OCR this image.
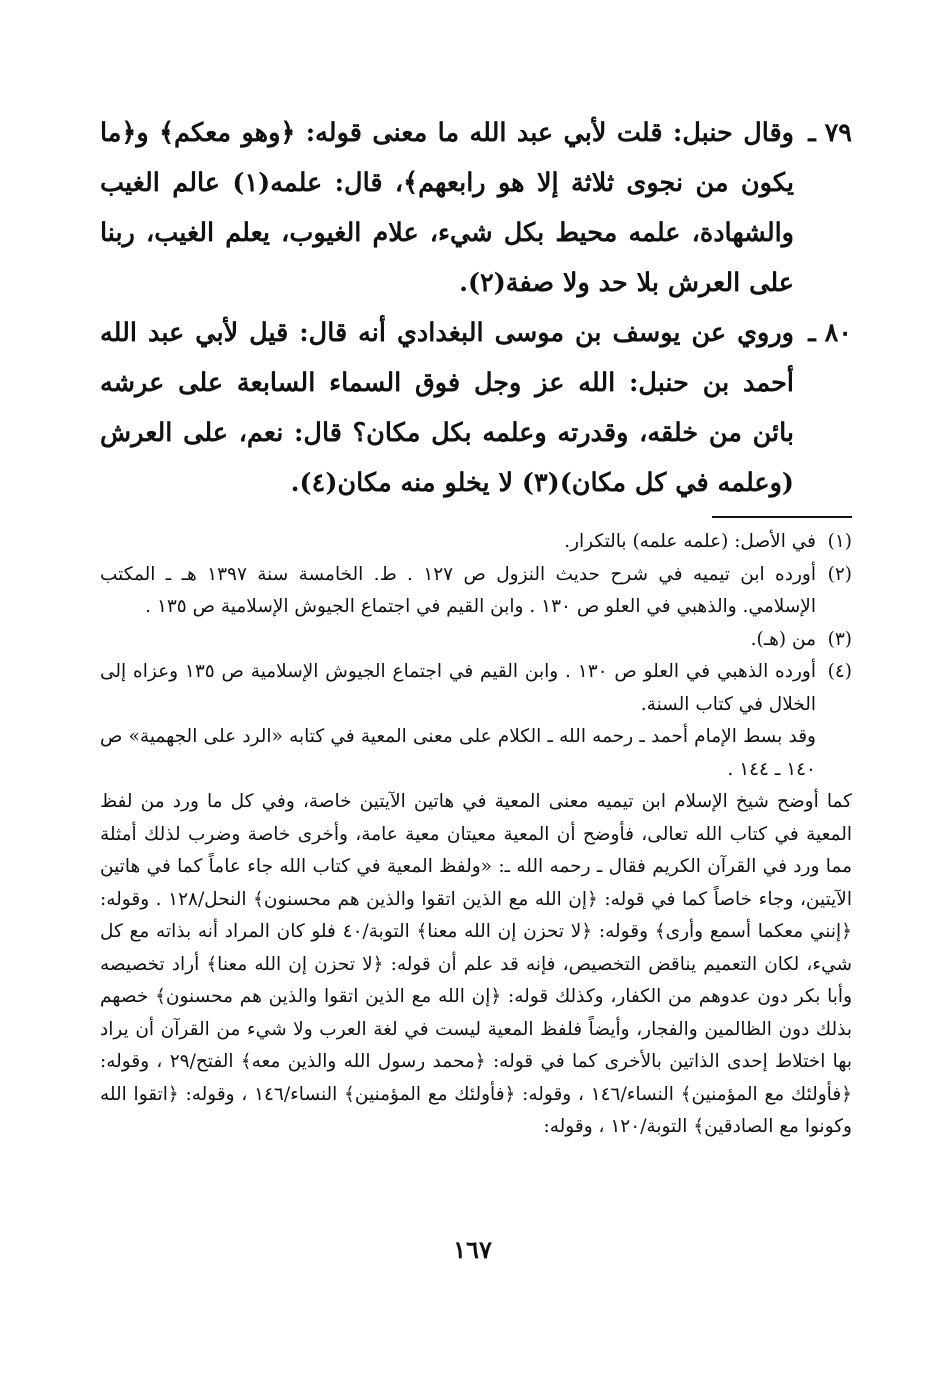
٧٩ ـ
وقال حنبل: قلت لأبي عبد الله ما معنى قوله: ﴿وهو معكم﴾ و﴿ما يكون من نجوى ثلاثة إلا هو رابعهم﴾، قال: علمه(١) عالم الغيب والشهادة، علمه محيط بكل شيء، علام الغيوب، يعلم الغيب، ربنا على العرش بلا حد ولا صفة(٢).

٨٠ ـ
وروي عن يوسف بن موسى البغدادي أنه قال: قيل لأبي عبد الله أحمد بن حنبل: الله عز وجل فوق السماء السابعة على عرشه بائن من خلقه، وقدرته وعلمه بكل مكان؟ قال: نعم، على العرش (وعلمه في كل مكان)(٣) لا يخلو منه مكان(٤).

(١)
في الأصل: (علمه علمه) بالتكرار.

(٢)
أورده ابن تيميه في شرح حديث النزول ص ١٢٧ . ط. الخامسة سنة ١٣٩٧ هـ ـ المكتب الإسلامي. والذهبي في العلو ص ١٣٠ . وابن القيم في اجتماع الجيوش الإسلامية ص ١٣٥ .

(٣)
من (هـ).

(٤)
أورده الذهبي في العلو ص ١٣٠ . وابن القيم في اجتماع الجيوش الإسلامية ص ١٣٥ وعزاه إلى الخلال في كتاب السنة.

وقد بسط الإمام أحمد ـ رحمه الله ـ الكلام على معنى المعية في كتابه «الرد على الجهمية» ص ١٤٠ ـ ١٤٤ .

كما أوضح شيخ الإسلام ابن تيميه معنى المعية في هاتين الآيتين خاصة، وفي كل ما ورد من لفظ المعية في كتاب الله تعالى، فأوضح أن المعية معيتان معية عامة، وأخرى خاصة وضرب لذلك أمثلة مما ورد في القرآن الكريم فقال ـ رحمه الله ـ: «ولفظ المعية في كتاب الله جاء عاماً كما في هاتين الآيتين، وجاء خاصاً كما في قوله: ﴿إن الله مع الذين اتقوا والذين هم محسنون﴾ النحل/١٢٨ . وقوله: ﴿إنني معكما أسمع وأرى﴾ وقوله: ﴿لا تحزن إن الله معنا﴾ التوبة/٤٠ فلو كان المراد أنه بذاته مع كل شيء، لكان التعميم يناقض التخصيص، فإنه قد علم أن قوله: ﴿لا تحزن إن الله معنا﴾ أراد تخصيصه وأبا بكر دون عدوهم من الكفار، وكذلك قوله: ﴿إن الله مع الذين اتقوا والذين هم محسنون﴾ خصهم بذلك دون الظالمين والفجار، وأيضاً فلفظ المعية ليست في لغة العرب ولا شيء من القرآن أن يراد بها اختلاط إحدى الذاتين بالأخرى كما في قوله: ﴿محمد رسول الله والذين معه﴾ الفتح/٢٩ ، وقوله: ﴿فأولئك مع المؤمنين﴾ النساء/١٤٦ ، وقوله: ﴿فأولئك مع المؤمنين﴾ النساء/١٤٦ ، وقوله: ﴿اتقوا الله وكونوا مع الصادقين﴾ التوبة/١٢٠ ، وقوله:

١٦٧
